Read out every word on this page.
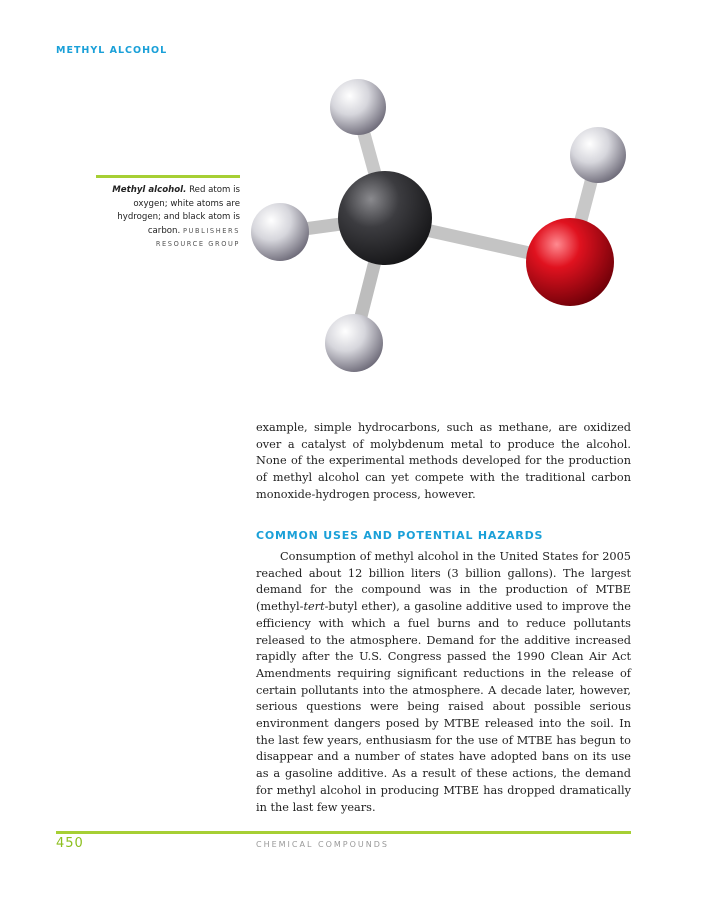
METHYL ALCOHOL
Methyl alcohol. Red atom is oxygen; white atoms are hydrogen; and black atom is carbon. PUBLISHERS RESOURCE GROUP
example, simple hydrocarbons, such as methane, are oxidized over a catalyst of molybdenum metal to produce the alcohol. None of the experimental methods developed for the production of methyl alcohol can yet compete with the traditional carbon monoxide-hydrogen process, however.
COMMON USES AND POTENTIAL HAZARDS
Consumption of methyl alcohol in the United States for 2005 reached about 12 billion liters (3 billion gallons). The largest demand for the compound was in the production of MTBE (methyl-tert-butyl ether), a gasoline additive used to improve the efficiency with which a fuel burns and to reduce pollutants released to the atmosphere. Demand for the additive increased rapidly after the U.S. Congress passed the 1990 Clean Air Act Amendments requiring significant reductions in the release of certain pollutants into the atmosphere. A decade later, however, serious questions were being raised about possible serious environment dangers posed by MTBE released into the soil. In the last few years, enthusiasm for the use of MTBE has begun to disappear and a number of states have adopted bans on its use as a gasoline additive. As a result of these actions, the demand for methyl alcohol in producing MTBE has dropped dramatically in the last few years.
450	CHEMICAL COMPOUNDS
